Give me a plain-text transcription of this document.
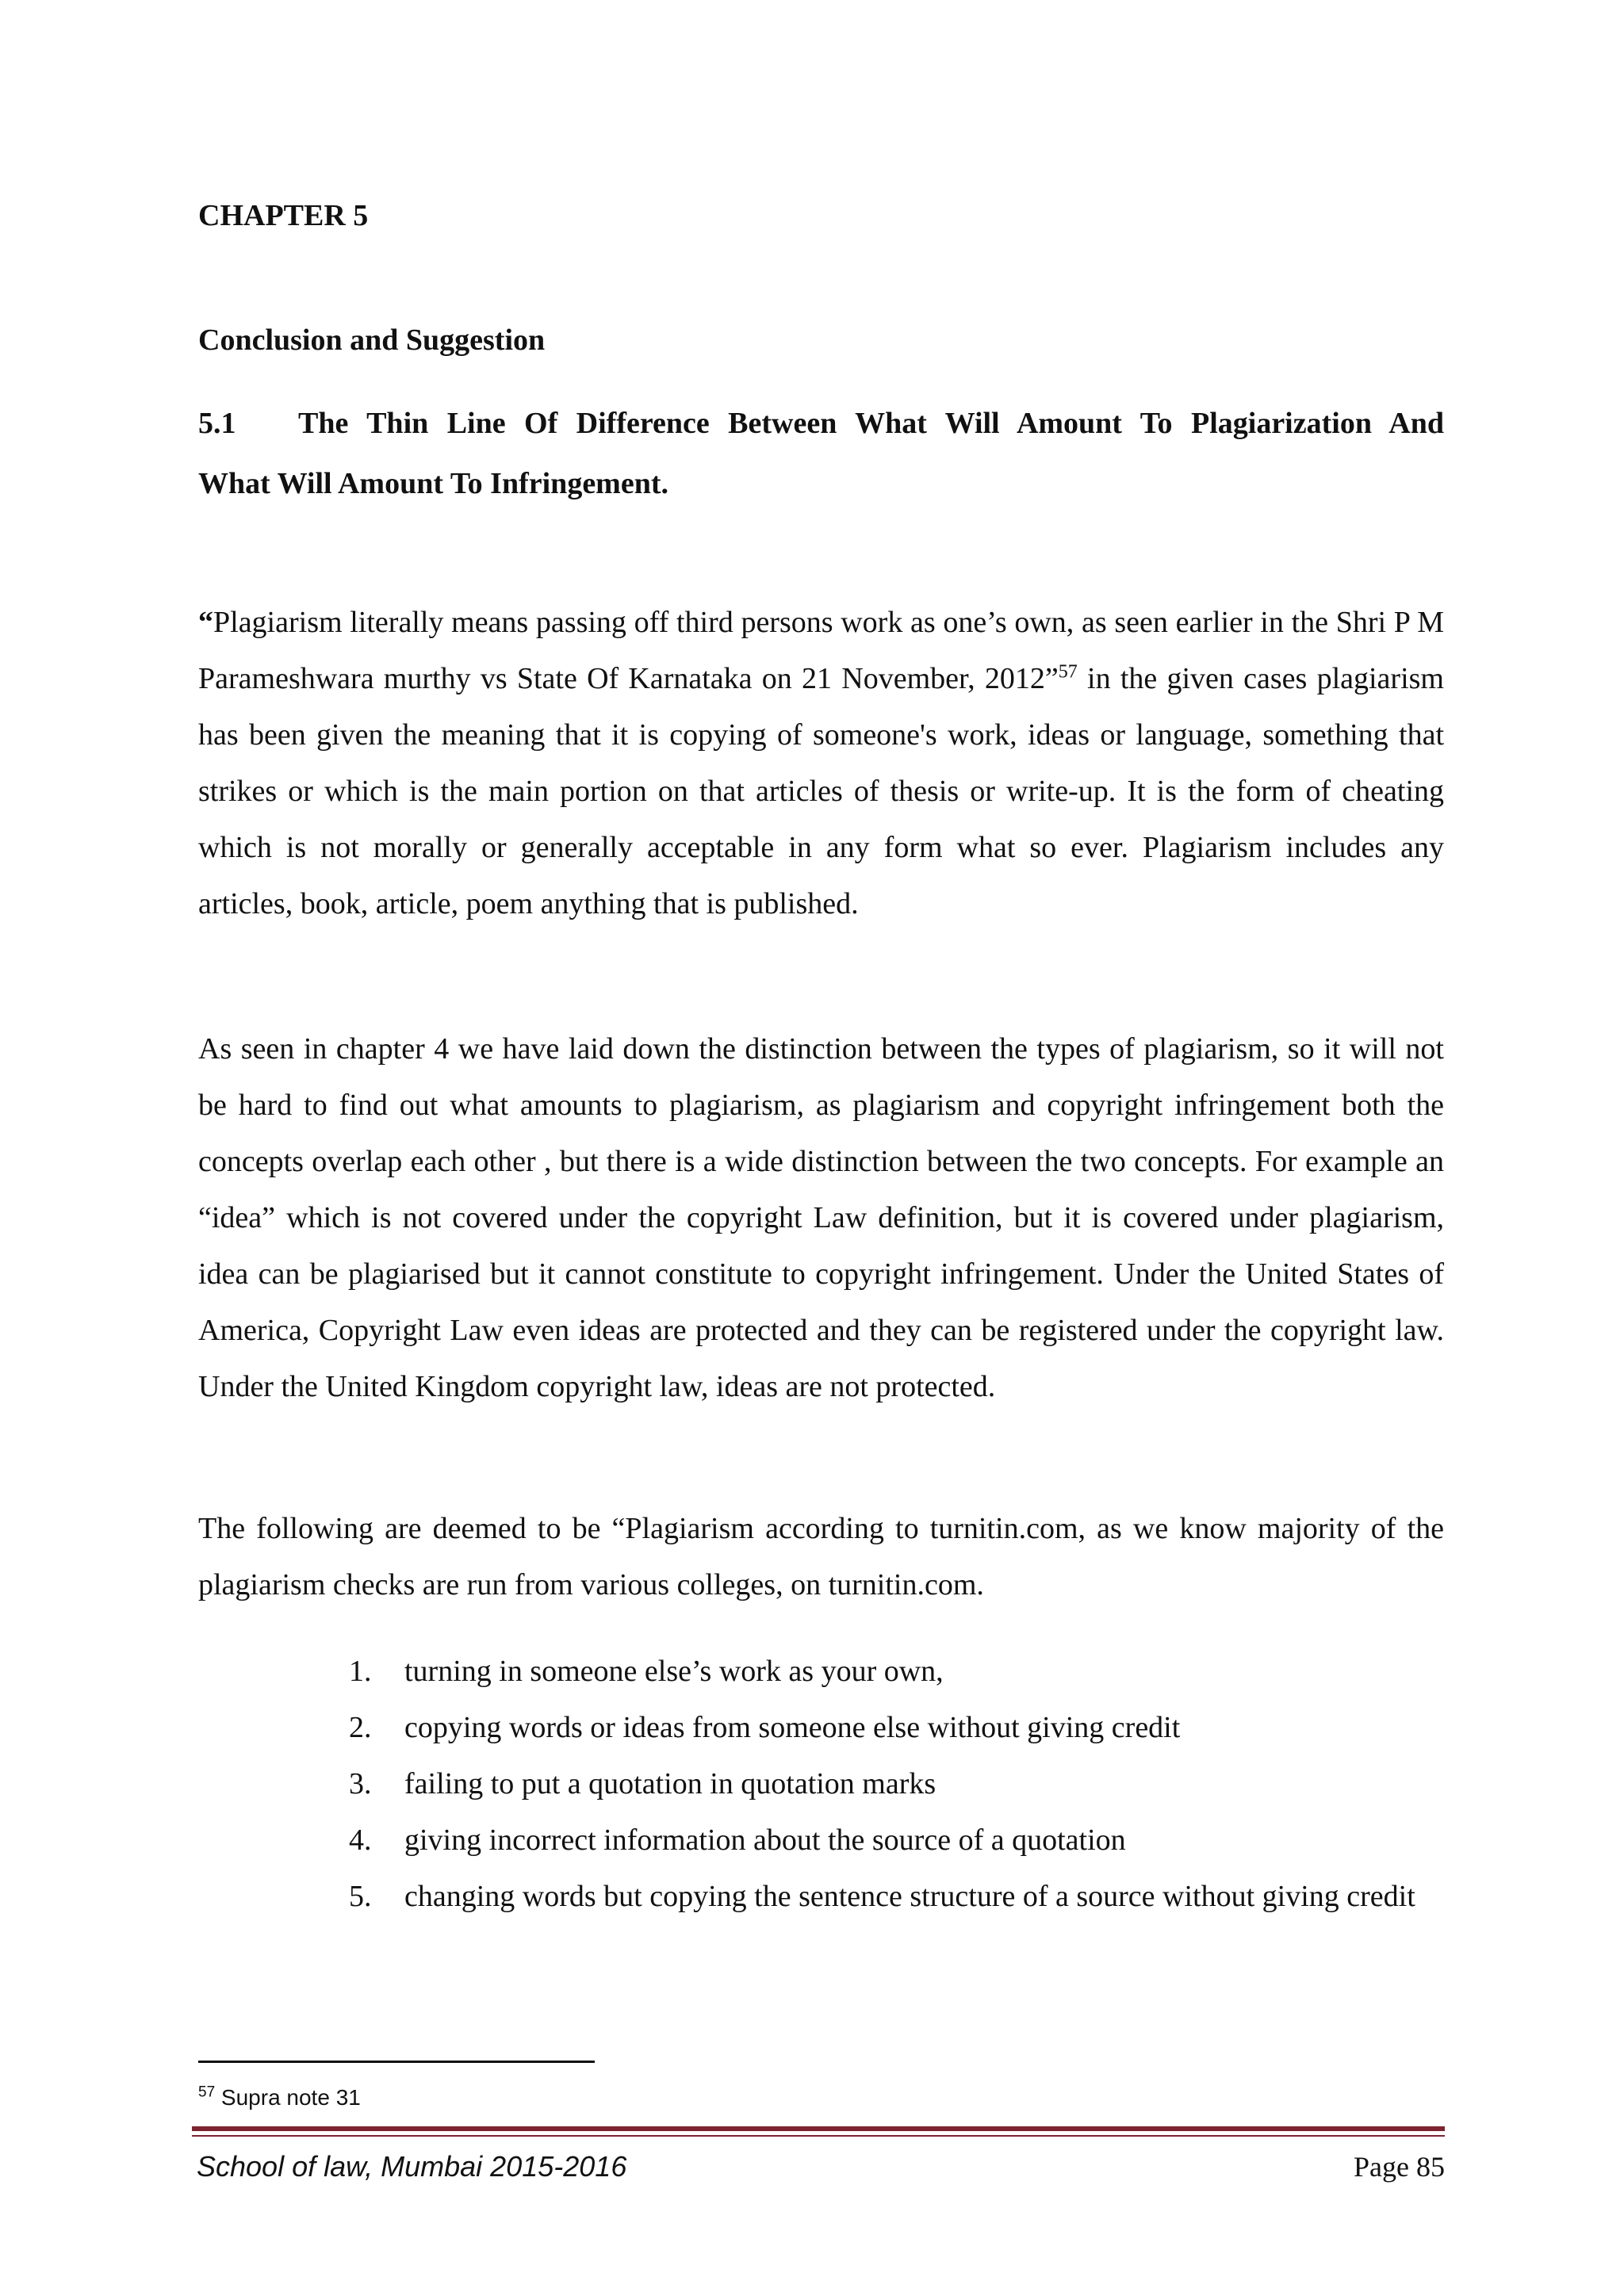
CHAPTER 5
Conclusion and Suggestion
5.1 The Thin Line Of Difference Between What Will Amount To Plagiarization And
What Will Amount To Infringement.
“Plagiarism literally means passing off third persons work as one’s own, as seen earlier in the Shri P M Parameshwara murthy vs State Of Karnataka on 21 November, 2012”$^{57}$ in the given cases plagiarism has been given the meaning that it is copying of someone's work, ideas or language, something that strikes or which is the main portion on that articles of thesis or write-up. It is the form of cheating which is not morally or generally acceptable in any form what so ever. Plagiarism includes any articles, book, article, poem anything that is published.
As seen in chapter 4 we have laid down the distinction between the types of plagiarism, so it will not be hard to find out what amounts to plagiarism, as plagiarism and copyright infringement both the concepts overlap each other , but there is a wide distinction between the two concepts. For example an “idea” which is not covered under the copyright Law definition, but it is covered under plagiarism, idea can be plagiarised but it cannot constitute to copyright infringement. Under the United States of America, Copyright Law even ideas are protected and they can be registered under the copyright law. Under the United Kingdom copyright law, ideas are not protected.
The following are deemed to be “Plagiarism according to turnitin.com, as we know majority of the plagiarism checks are run from various colleges, on turnitin.com.
1. turning in someone else’s work as your own,
2. copying words or ideas from someone else without giving credit
3. failing to put a quotation in quotation marks
4. giving incorrect information about the source of a quotation
5. changing words but copying the sentence structure of a source without giving credit
$^{57}$ Supra note 31
School of law, Mumbai 2015-2016	Page 85
